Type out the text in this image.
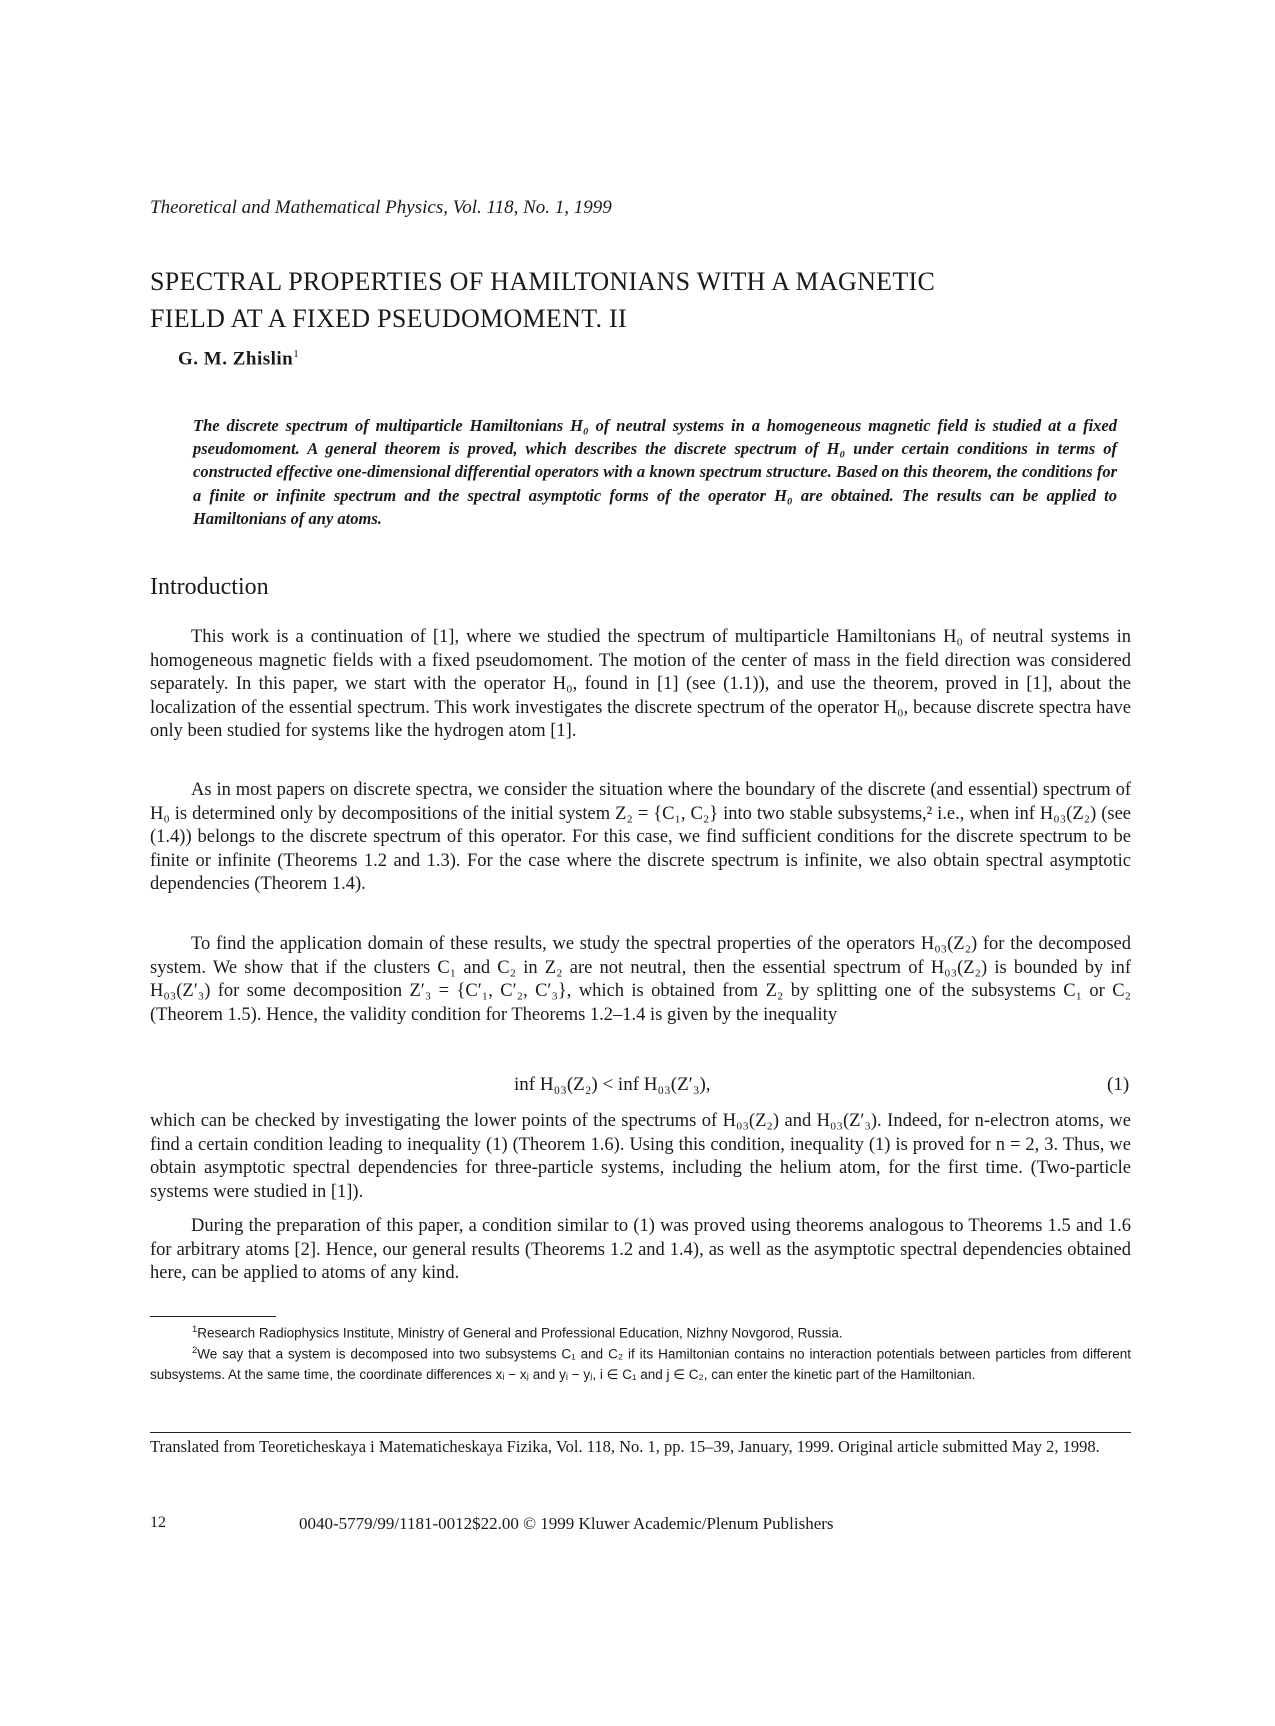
Theoretical and Mathematical Physics, Vol. 118, No. 1, 1999
SPECTRAL PROPERTIES OF HAMILTONIANS WITH A MAGNETIC
FIELD AT A FIXED PSEUDOMOMENT. II
G. M. Zhislin$^1$
The discrete spectrum of multiparticle Hamiltonians H₀ of neutral systems in a homogeneous magnetic field is studied at a fixed pseudomoment. A general theorem is proved, which describes the discrete spectrum of H₀ under certain conditions in terms of constructed effective one-dimensional differential operators with a known spectrum structure. Based on this theorem, the conditions for a finite or infinite spectrum and the spectral asymptotic forms of the operator H₀ are obtained. The results can be applied to Hamiltonians of any atoms.
Introduction

This work is a continuation of [1], where we studied the spectrum of multiparticle Hamiltonians H₀ of neutral systems in homogeneous magnetic fields with a fixed pseudomoment. The motion of the center of mass in the field direction was considered separately. In this paper, we start with the operator H₀, found in [1] (see (1.1)), and use the theorem, proved in [1], about the localization of the essential spectrum. This work investigates the discrete spectrum of the operator H₀, because discrete spectra have only been studied for systems like the hydrogen atom [1].

As in most papers on discrete spectra, we consider the situation where the boundary of the discrete (and essential) spectrum of H₀ is determined only by decompositions of the initial system Z₂ = {C₁, C₂} into two stable subsystems,² i.e., when inf H₀₃(Z₂) (see (1.4)) belongs to the discrete spectrum of this operator. For this case, we find sufficient conditions for the discrete spectrum to be finite or infinite (Theorems 1.2 and 1.3). For the case where the discrete spectrum is infinite, we also obtain spectral asymptotic dependencies (Theorem 1.4).

To find the application domain of these results, we study the spectral properties of the operators H₀₃(Z₂) for the decomposed system. We show that if the clusters C₁ and C₂ in Z₂ are not neutral, then the essential spectrum of H₀₃(Z₂) is bounded by inf H₀₃(Z′₃) for some decomposition Z′₃ = {C′₁, C′₂, C′₃}, which is obtained from Z₂ by splitting one of the subsystems C₁ or C₂ (Theorem 1.5). Hence, the validity condition for Theorems 1.2–1.4 is given by the inequality

inf H₀₃(Z₂) < inf H₀₃(Z′₃),	(1)

which can be checked by investigating the lower points of the spectrums of H₀₃(Z₂) and H₀₃(Z′₃). Indeed, for n-electron atoms, we find a certain condition leading to inequality (1) (Theorem 1.6). Using this condition, inequality (1) is proved for n = 2, 3. Thus, we obtain asymptotic spectral dependencies for three-particle systems, including the helium atom, for the first time. (Two-particle systems were studied in [1]).

During the preparation of this paper, a condition similar to (1) was proved using theorems analogous to Theorems 1.5 and 1.6 for arbitrary atoms [2]. Hence, our general results (Theorems 1.2 and 1.4), as well as the asymptotic spectral dependencies obtained here, can be applied to atoms of any kind.

$^1$Research Radiophysics Institute, Ministry of General and Professional Education, Nizhny Novgorod, Russia.

$^2$We say that a system is decomposed into two subsystems C₁ and C₂ if its Hamiltonian contains no interaction potentials between particles from different subsystems. At the same time, the coordinate differences xᵢ − xⱼ and yᵢ − yⱼ, i ∈ C₁ and j ∈ C₂, can enter the kinetic part of the Hamiltonian.

Translated from Teoreticheskaya i Matematicheskaya Fizika, Vol. 118, No. 1, pp. 15–39, January, 1999. Original article submitted May 2, 1998.
12	0040-5779/99/1181-0012$22.00 © 1999 Kluwer Academic/Plenum Publishers
